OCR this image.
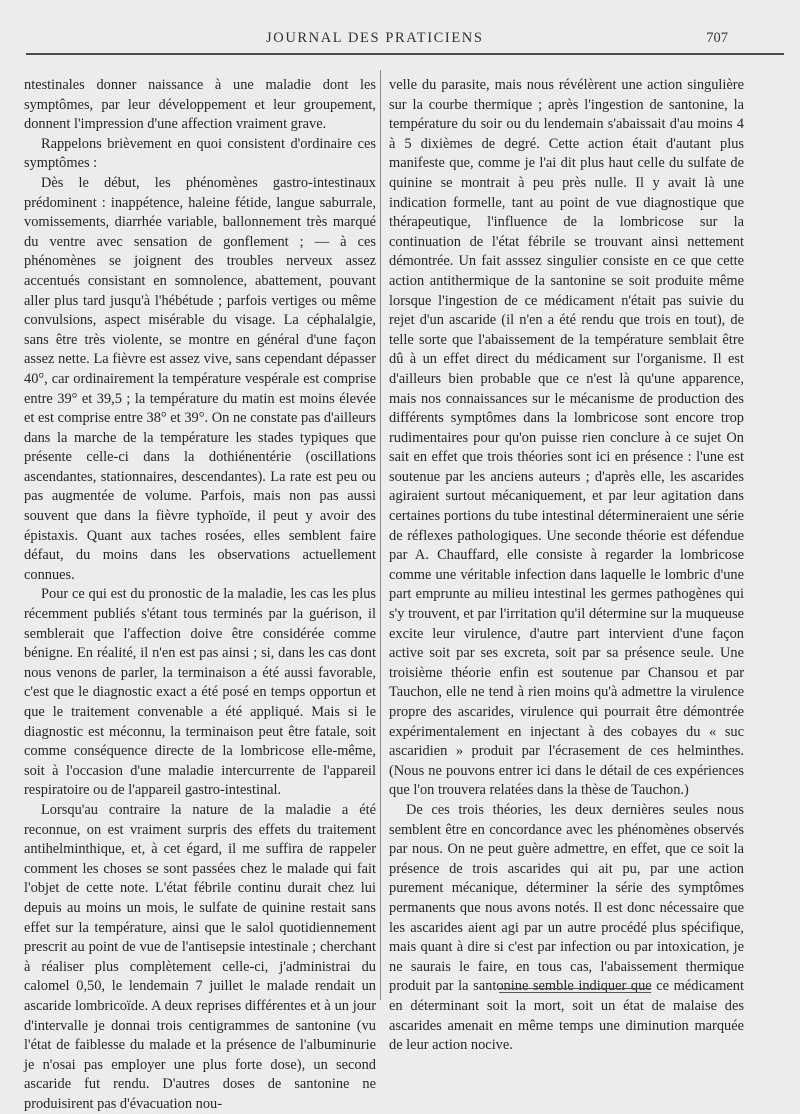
JOURNAL DES PRATICIENS	707

ntestinales donner naissance à une maladie dont les symptômes, par leur développement et leur groupement, donnent l'impression d'une affection vraiment grave.

Rappelons brièvement en quoi consistent d'ordinaire ces symptômes :

Dès le début, les phénomènes gastro-intestinaux prédominent : inappétence, haleine fétide, langue saburrale, vomissements, diarrhée variable, ballonnement très marqué du ventre avec sensation de gonflement ; — à ces phénomènes se joignent des troubles nerveux assez accentués consistant en somnolence, abattement, pouvant aller plus tard jusqu'à l'hébétude ; parfois vertiges ou même convulsions, aspect misérable du visage. La céphalalgie, sans être très violente, se montre en général d'une façon assez nette. La fièvre est assez vive, sans cependant dépasser 40°, car ordinairement la température vespérale est comprise entre 39° et 39,5 ; la température du matin est moins élevée et est comprise entre 38° et 39°. On ne constate pas d'ailleurs dans la marche de la température les stades typiques que présente celle-ci dans la dothiénentérie (oscillations ascendantes, stationnaires, descendantes). La rate est peu ou pas augmentée de volume. Parfois, mais non pas aussi souvent que dans la fièvre typhoïde, il peut y avoir des épistaxis. Quant aux taches rosées, elles semblent faire défaut, du moins dans les observations actuellement connues.

Pour ce qui est du pronostic de la maladie, les cas les plus récemment publiés s'étant tous terminés par la guérison, il semblerait que l'affection doive être considérée comme bénigne. En réalité, il n'en est pas ainsi ; si, dans les cas dont nous venons de parler, la terminaison a été aussi favorable, c'est que le diagnostic exact a été posé en temps opportun et que le traitement convenable a été appliqué. Mais si le diagnostic est méconnu, la terminaison peut être fatale, soit comme conséquence directe de la lombricose elle-même, soit à l'occasion d'une maladie intercurrente de l'appareil respiratoire ou de l'appareil gastro-intestinal.

Lorsqu'au contraire la nature de la maladie a été reconnue, on est vraiment surpris des effets du traitement antihelminthique, et, à cet égard, il me suffira de rappeler comment les choses se sont passées chez le malade qui fait l'objet de cette note. L'état fébrile continu durait chez lui depuis au moins un mois, le sulfate de quinine restait sans effet sur la température, ainsi que le salol quotidiennement prescrit au point de vue de l'antisepsie intestinale ; cherchant à réaliser plus complètement celle-ci, j'administrai du calomel 0,50, le lendemain 7 juillet le malade rendait un ascaride lombricoïde. A deux reprises différentes et à un jour d'intervalle je donnai trois centigrammes de santonine (vu l'état de faiblesse du malade et la présence de l'albuminurie je n'osai pas employer une plus forte dose), un second ascaride fut rendu. D'autres doses de santonine ne produisirent pas d'évacuation nou-

velle du parasite, mais nous révélèrent une action singulière sur la courbe thermique ; après l'ingestion de santonine, la température du soir ou du lendemain s'abaissait d'au moins 4 à 5 dixièmes de degré. Cette action était d'autant plus manifeste que, comme je l'ai dit plus haut celle du sulfate de quinine se montrait à peu près nulle. Il y avait là une indication formelle, tant au point de vue diagnostique que thérapeutique, l'influence de la lombricose sur la continuation de l'état fébrile se trouvant ainsi nettement démontrée. Un fait asssez singulier consiste en ce que cette action antithermique de la santonine se soit produite même lorsque l'ingestion de ce médicament n'était pas suivie du rejet d'un ascaride (il n'en a été rendu que trois en tout), de telle sorte que l'abaissement de la température semblait être dû à un effet direct du médicament sur l'organisme. Il est d'ailleurs bien probable que ce n'est là qu'une apparence, mais nos connaissances sur le mécanisme de production des différents symptômes dans la lombricose sont encore trop rudimentaires pour qu'on puisse rien conclure à ce sujet On sait en effet que trois théories sont ici en présence : l'une est soutenue par les anciens auteurs ; d'après elle, les ascarides agiraient surtout mécaniquement, et par leur agitation dans certaines portions du tube intestinal détermineraient une série de réflexes pathologiques. Une seconde théorie est défendue par A. Chauffard, elle consiste à regarder la lombricose comme une véritable infection dans laquelle le lombric d'une part emprunte au milieu intestinal les germes pathogènes qui s'y trouvent, et par l'irritation qu'il détermine sur la muqueuse excite leur virulence, d'autre part intervient d'une façon active soit par ses excreta, soit par sa présence seule. Une troisième théorie enfin est soutenue par Chansou et par Tauchon, elle ne tend à rien moins qu'à admettre la virulence propre des ascarides, virulence qui pourrait être démontrée expérimentalement en injectant à des cobayes du « suc ascaridien » produit par l'écrasement de ces helminthes. (Nous ne pouvons entrer ici dans le détail de ces expériences que l'on trouvera relatées dans la thèse de Tauchon.)

De ces trois théories, les deux dernières seules nous semblent être en concordance avec les phénomènes observés par nous. On ne peut guère admettre, en effet, que ce soit la présence de trois ascarides qui ait pu, par une action purement mécanique, déterminer la série des symptômes permanents que nous avons notés. Il est donc nécessaire que les ascarides aient agi par un autre procédé plus spécifique, mais quant à dire si c'est par infection ou par intoxication, je ne saurais le faire, en tous cas, l'abaissement thermique produit par la santonine semble indiquer que ce médicament en déterminant soit la mort, soit un état de malaise des ascarides amenait en même temps une diminution marquée de leur action nocive.
